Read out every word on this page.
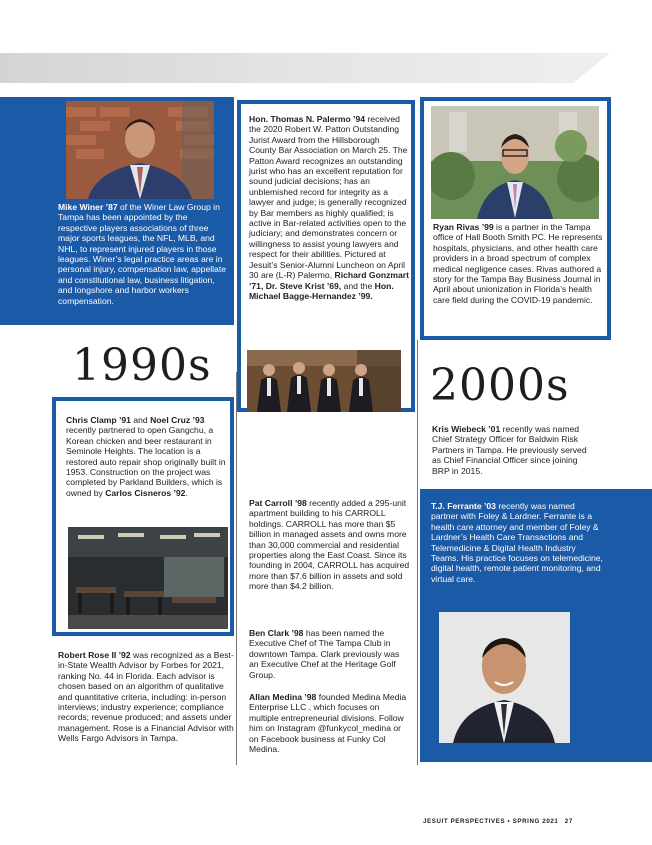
Mike Winer ’87 of the Winer Law Group in Tampa has been appointed by the respective players associations of three major sports leagues, the NFL, MLB, and NHL, to represent injured players in those leagues. Winer’s legal practice areas are in personal injury, compensation law, appellate and constitutional law, business litigation, and longshore and harbor workers compensation.

Hon. Thomas N. Palermo ’94 received the 2020 Robert W. Patton Outstanding Jurist Award from the Hillsborough County Bar Association on March 25. The Patton Award recognizes an outstanding jurist who has an excellent reputation for sound judicial decisions; has an unblemished record for integrity as a lawyer and judge; is generally recognized by Bar members as highly qualified; is active in Bar-related activities open to the judiciary; and demonstrates concern or willingness to assist young lawyers and respect for their abilities. Pictured at Jesuit’s Senior-Alumni Luncheon on April 30 are (L-R) Palermo, Richard Gonzmart ’71, Dr. Steve Krist ’69, and the Hon. Michael Bagge-Hernandez ’99.

Ryan Rivas ’99 is a partner in the Tampa office of Hall Booth Smith PC. He represents hospitals, physicians, and other health care providers in a broad spectrum of complex medical negligence cases. Rivas authored a story for the Tampa Bay Business Journal in April about unionization in Florida’s health care field during the COVID-19 pandemic.

1990s	2000s

Chris Clamp ’91 and Noel Cruz ’93 recently partnered to open Gangchu, a Korean chicken and beer restaurant in Seminole Heights. The location is a restored auto repair shop originally built in 1953. Construction on the project was completed by Parkland Builders, which is owned by Carlos Cisneros ’92.

Robert Rose II ’92 was recognized as a Best-in-State Wealth Advisor by Forbes for 2021, ranking No. 44 in Florida. Each advisor is chosen based on an algorithm of qualitative and quantitative criteria, including: in-person interviews; industry experience; compliance records; revenue produced; and assets under management. Rose is a Financial Advisor with Wells Fargo Advisors in Tampa.

Pat Carroll ’98 recently added a 295-unit apartment building to his CARROLL holdings. CARROLL has more than $5 billion in managed assets and owns more than 30,000 commercial and residential properties along the East Coast. Since its founding in 2004, CARROLL has acquired more than $7.6 billion in assets and sold more than $4.2 billion.

Ben Clark ’98 has been named the Executive Chef of The Tampa Club in downtown Tampa. Clark previously was an Executive Chef at the Heritage Golf Group.

Allan Medina ’98 founded Medina Media Enterprise LLC , which focuses on multiple entrepreneurial divisions. Follow him on Instagram @funkycol_medina or on Facebook business at Funky Col Medina.

Kris Wiebeck ’01 recently was named Chief Strategy Officer for Baldwin Risk Partners in Tampa. He previously served as Chief Financial Officer since joining BRP in 2015.

T.J. Ferrante ’03 recently was named partner with Foley & Lardner. Ferrante is a health care attorney and member of Foley & Lardner’s Health Care Transactions and Telemedicine & Digital Health Industry Teams. His practice focuses on telemedicine, digital health, remote patient monitoring, and virtual care.

JESUIT PERSPECTIVES • SPRING 2021 27
